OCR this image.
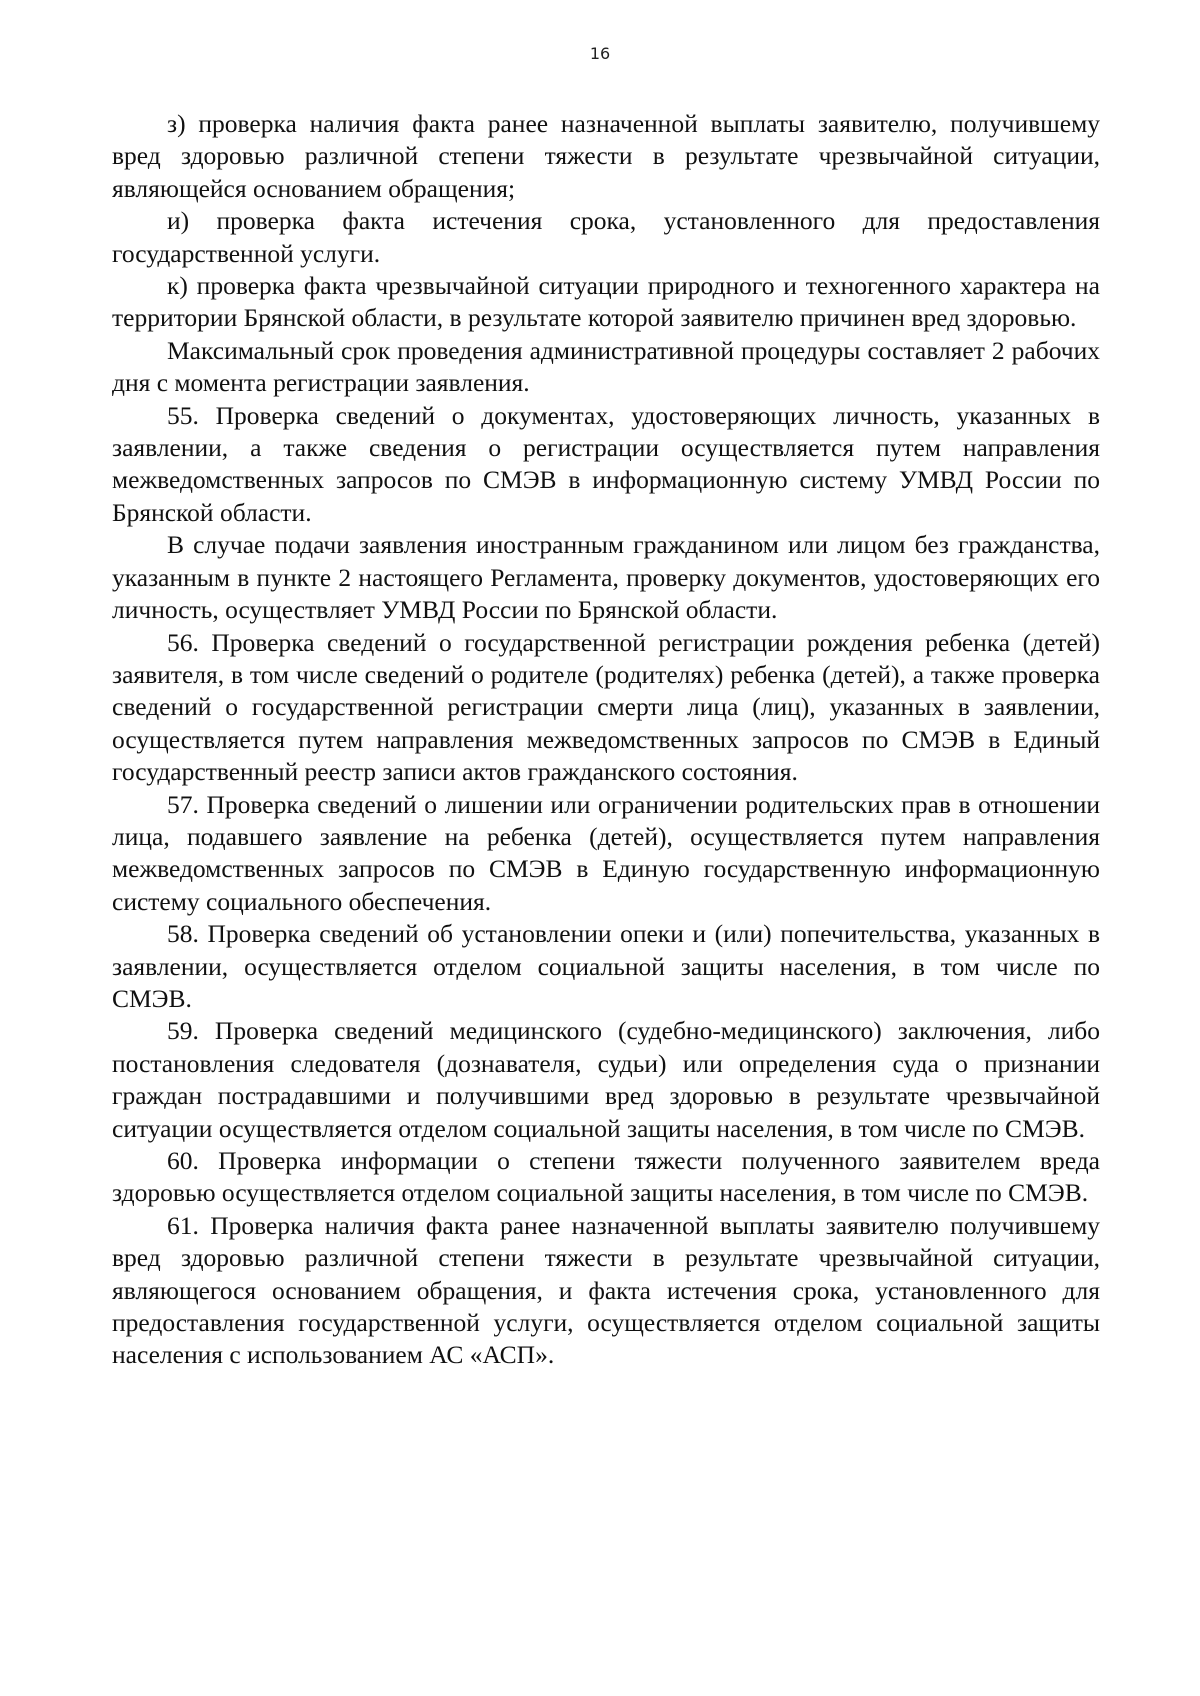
16

з) проверка наличия факта ранее назначенной выплаты заявителю, получившему вред здоровью различной степени тяжести в результате чрезвычайной ситуации, являющейся основанием обращения;

и) проверка факта истечения срока, установленного для предоставления государственной услуги.

к) проверка факта чрезвычайной ситуации природного и техногенного характера на территории Брянской области, в результате которой заявителю причинен вред здоровью.

Максимальный срок проведения административной процедуры составляет 2 рабочих дня с момента регистрации заявления.

55. Проверка сведений о документах, удостоверяющих личность, указанных в заявлении, а также сведения о регистрации осуществляется путем направления межведомственных запросов по СМЭВ в информационную систему УМВД России по Брянской области.

В случае подачи заявления иностранным гражданином или лицом без гражданства, указанным в пункте 2 настоящего Регламента, проверку документов, удостоверяющих его личность, осуществляет УМВД России по Брянской области.

56. Проверка сведений о государственной регистрации рождения ребенка (детей) заявителя, в том числе сведений о родителе (родителях) ребенка (детей), а также проверка сведений о государственной регистрации смерти лица (лиц), указанных в заявлении, осуществляется путем направления межведомственных запросов по СМЭВ в Единый государственный реестр записи актов гражданского состояния.

57. Проверка сведений о лишении или ограничении родительских прав в отношении лица, подавшего заявление на ребенка (детей), осуществляется путем направления межведомственных запросов по СМЭВ в Единую государственную информационную систему социального обеспечения.

58. Проверка сведений об установлении опеки и (или) попечительства, указанных в заявлении, осуществляется отделом социальной защиты населения, в том числе по СМЭВ.

59. Проверка сведений медицинского (судебно-медицинского) заключения, либо постановления следователя (дознавателя, судьи) или определения суда о признании граждан пострадавшими и получившими вред здоровью в результате чрезвычайной ситуации осуществляется отделом социальной защиты населения, в том числе по СМЭВ.

60. Проверка информации о степени тяжести полученного заявителем вреда здоровью осуществляется отделом социальной защиты населения, в том числе по СМЭВ.

61. Проверка наличия факта ранее назначенной выплаты заявителю получившему вред здоровью различной степени тяжести в результате чрезвычайной ситуации, являющегося основанием обращения, и факта истечения срока, установленного для предоставления государственной услуги, осуществляется отделом социальной защиты населения с использованием АС «АСП».
